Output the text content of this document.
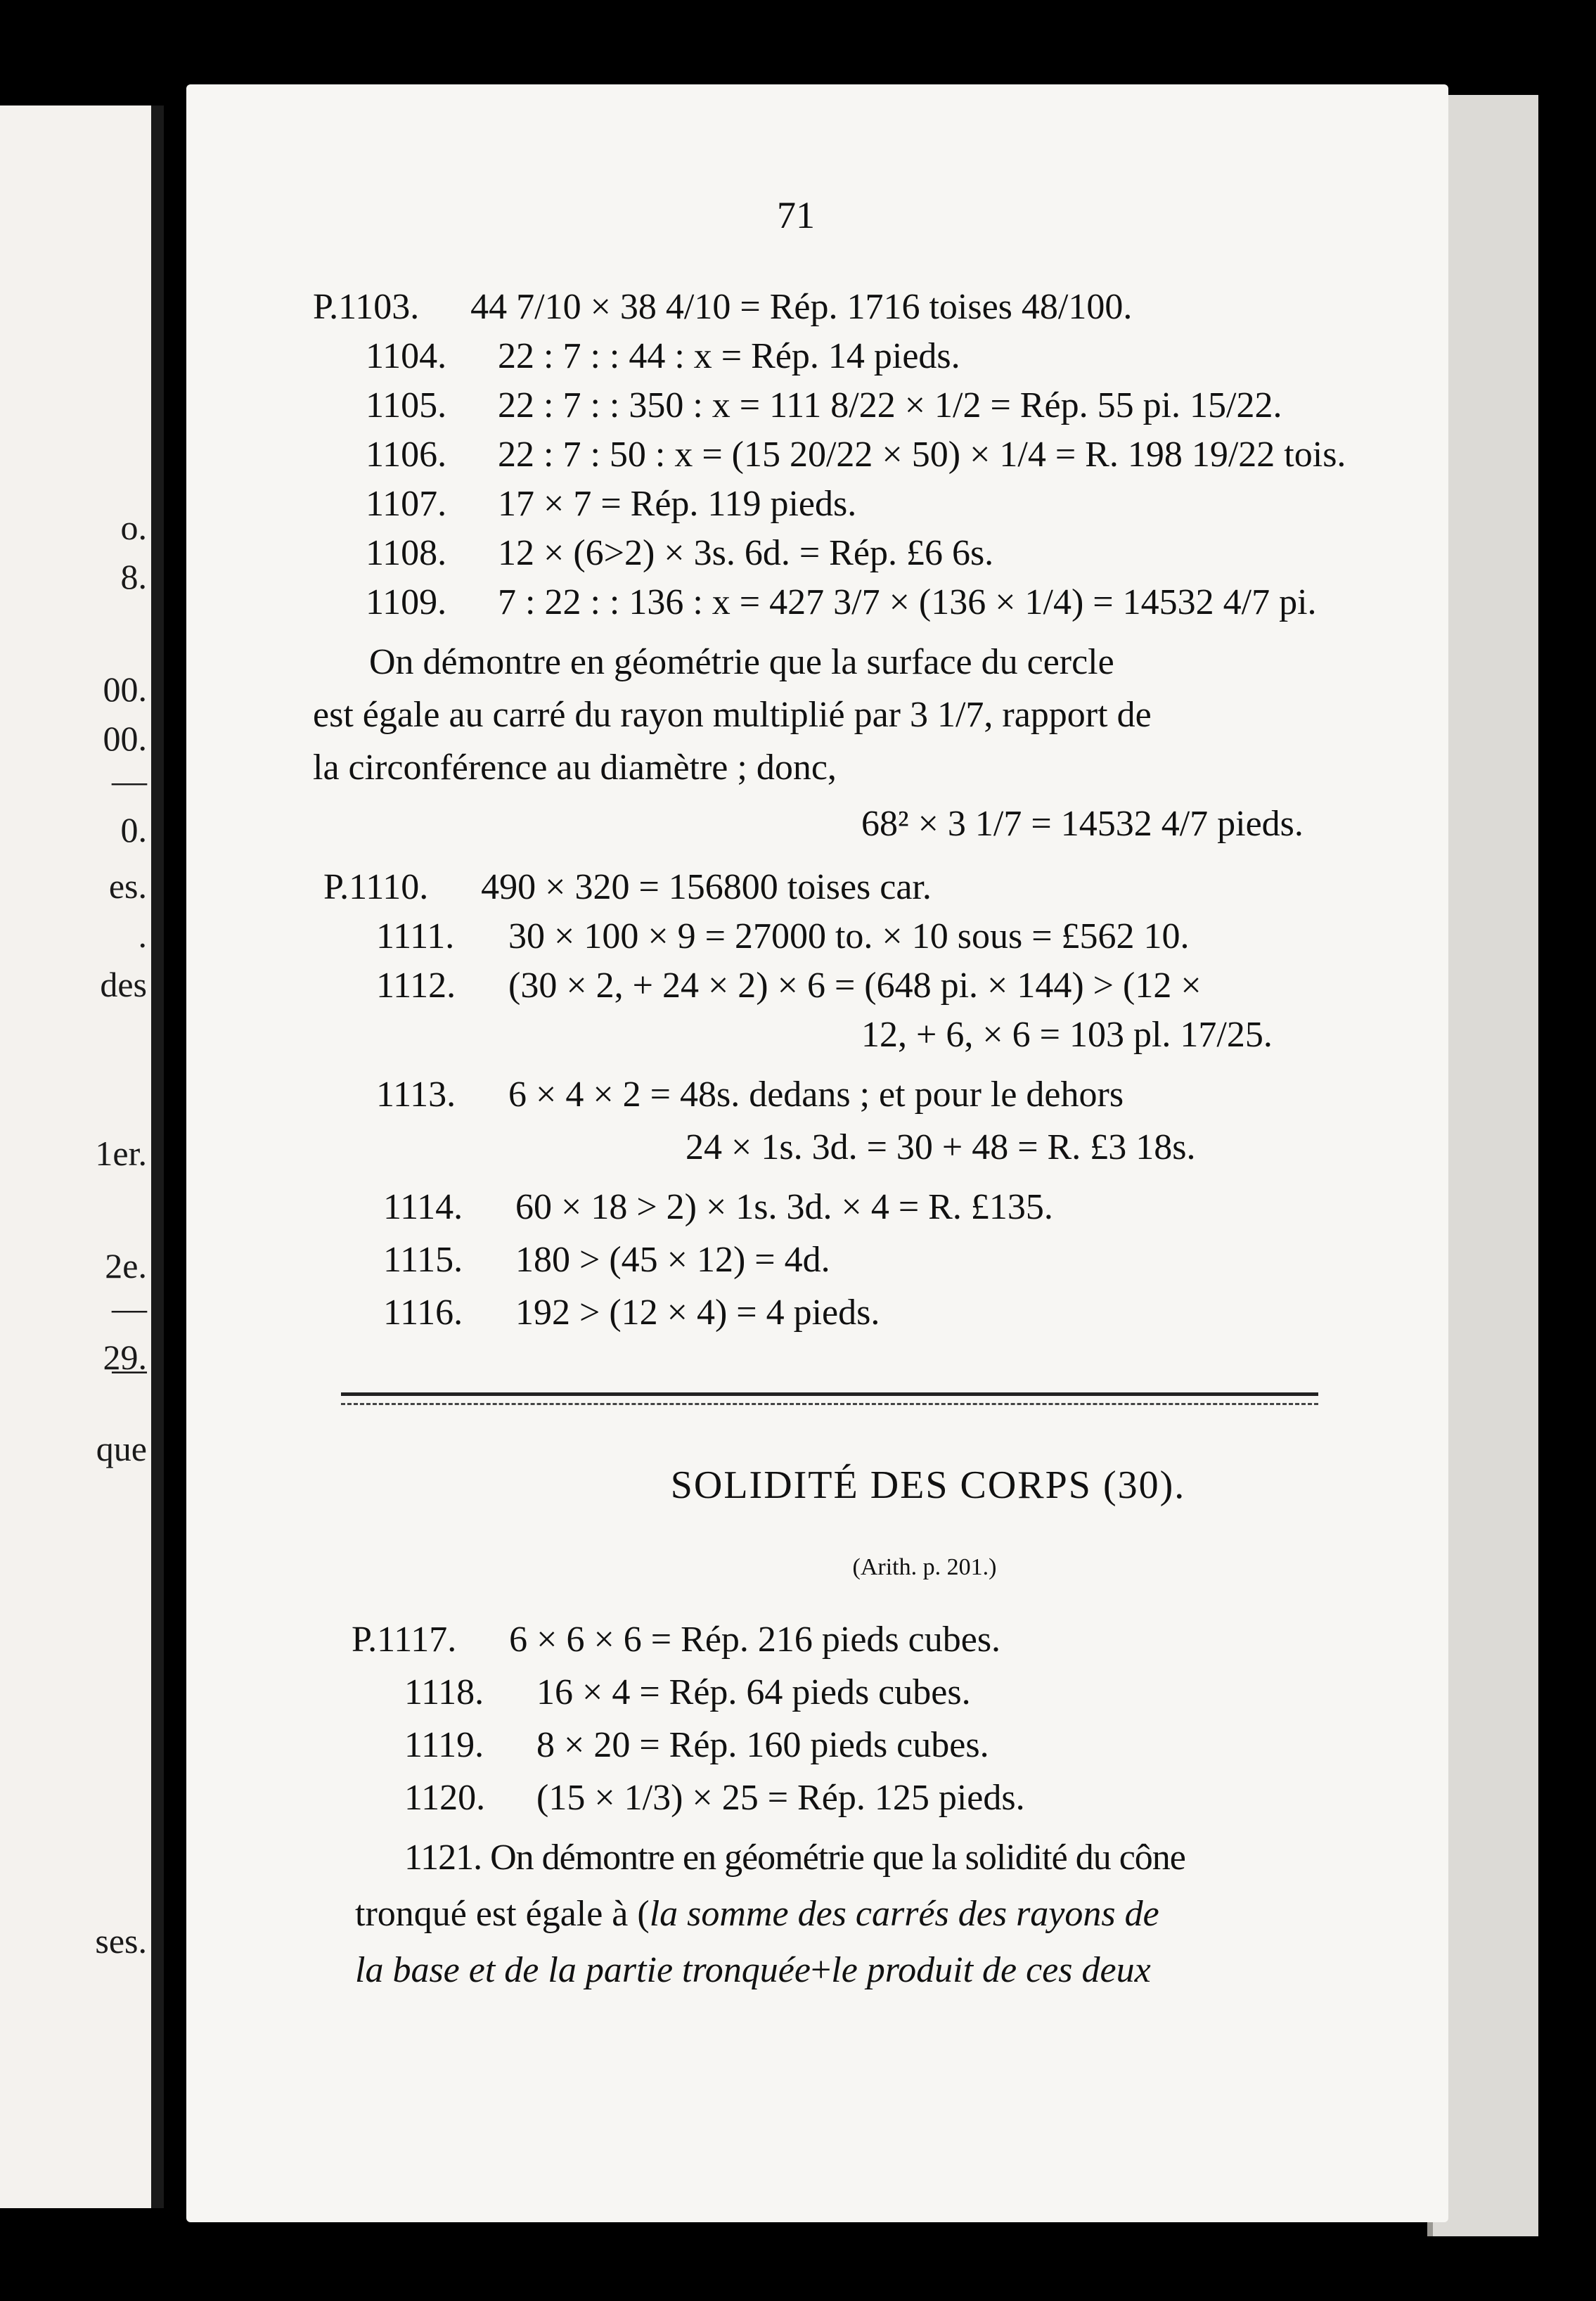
o.
8.
00.
00.
—
0.
es.
.
des
1er.
2e.
—
2̲9̲.
que
ses.
71
P.1103. 44 7/10 × 38 4/10 = Rép. 1716 toises 48/100.
1104. 22 : 7 : : 44 : x = Rép. 14 pieds.
1105. 22 : 7 : : 350 : x = 111 8/22 × 1/2 = Rép. 55 pi. 15/22.
1106. 22 : 7 : 50 : x = (15 20/22 × 50) × 1/4 = R. 198 19/22 tois.
1107. 17 × 7 = Rép. 119 pieds.
1108. 12 × (6>2) × 3s. 6d. = Rép. £6 6s.
1109. 7 : 22 : : 136 : x = 427 3/7 × (136 × 1/4) = 14532 4/7 pi.
On démontre en géométrie que la surface du cercle
est égale au carré du rayon multiplié par 3 1/7, rapport de
la circonférence au diamètre ; donc,
68² × 3 1/7 = 14532 4/7 pieds.
P.1110. 490 × 320 = 156800 toises car.
1111. 30 × 100 × 9 = 27000 to. × 10 sous = £562 10.
1112. (30 × 2, + 24 × 2) × 6 = (648 pi. × 144) > (12 ×
12, + 6, × 6 = 103 pl. 17/25.
1113. 6 × 4 × 2 = 48s. dedans ; et pour le dehors
24 × 1s. 3d. = 30 + 48 = R. £3 18s.
1114. 60 × 18 > 2) × 1s. 3d. × 4 = R. £135.
1115. 180 > (45 × 12) = 4d.
1116. 192 > (12 × 4) = 4 pieds.
SOLIDITÉ DES CORPS (30).
(Arith. p. 201.)
P.1117. 6 × 6 × 6 = Rép. 216 pieds cubes.
1118. 16 × 4 = Rép. 64 pieds cubes.
1119. 8 × 20 = Rép. 160 pieds cubes.
1120. (15 × 1/3) × 25 = Rép. 125 pieds.
1121. On démontre en géométrie que la solidité du cône
tronqué est égale à (la somme des carrés des rayons de
la base et de la partie tronquée+le produit de ces deux
